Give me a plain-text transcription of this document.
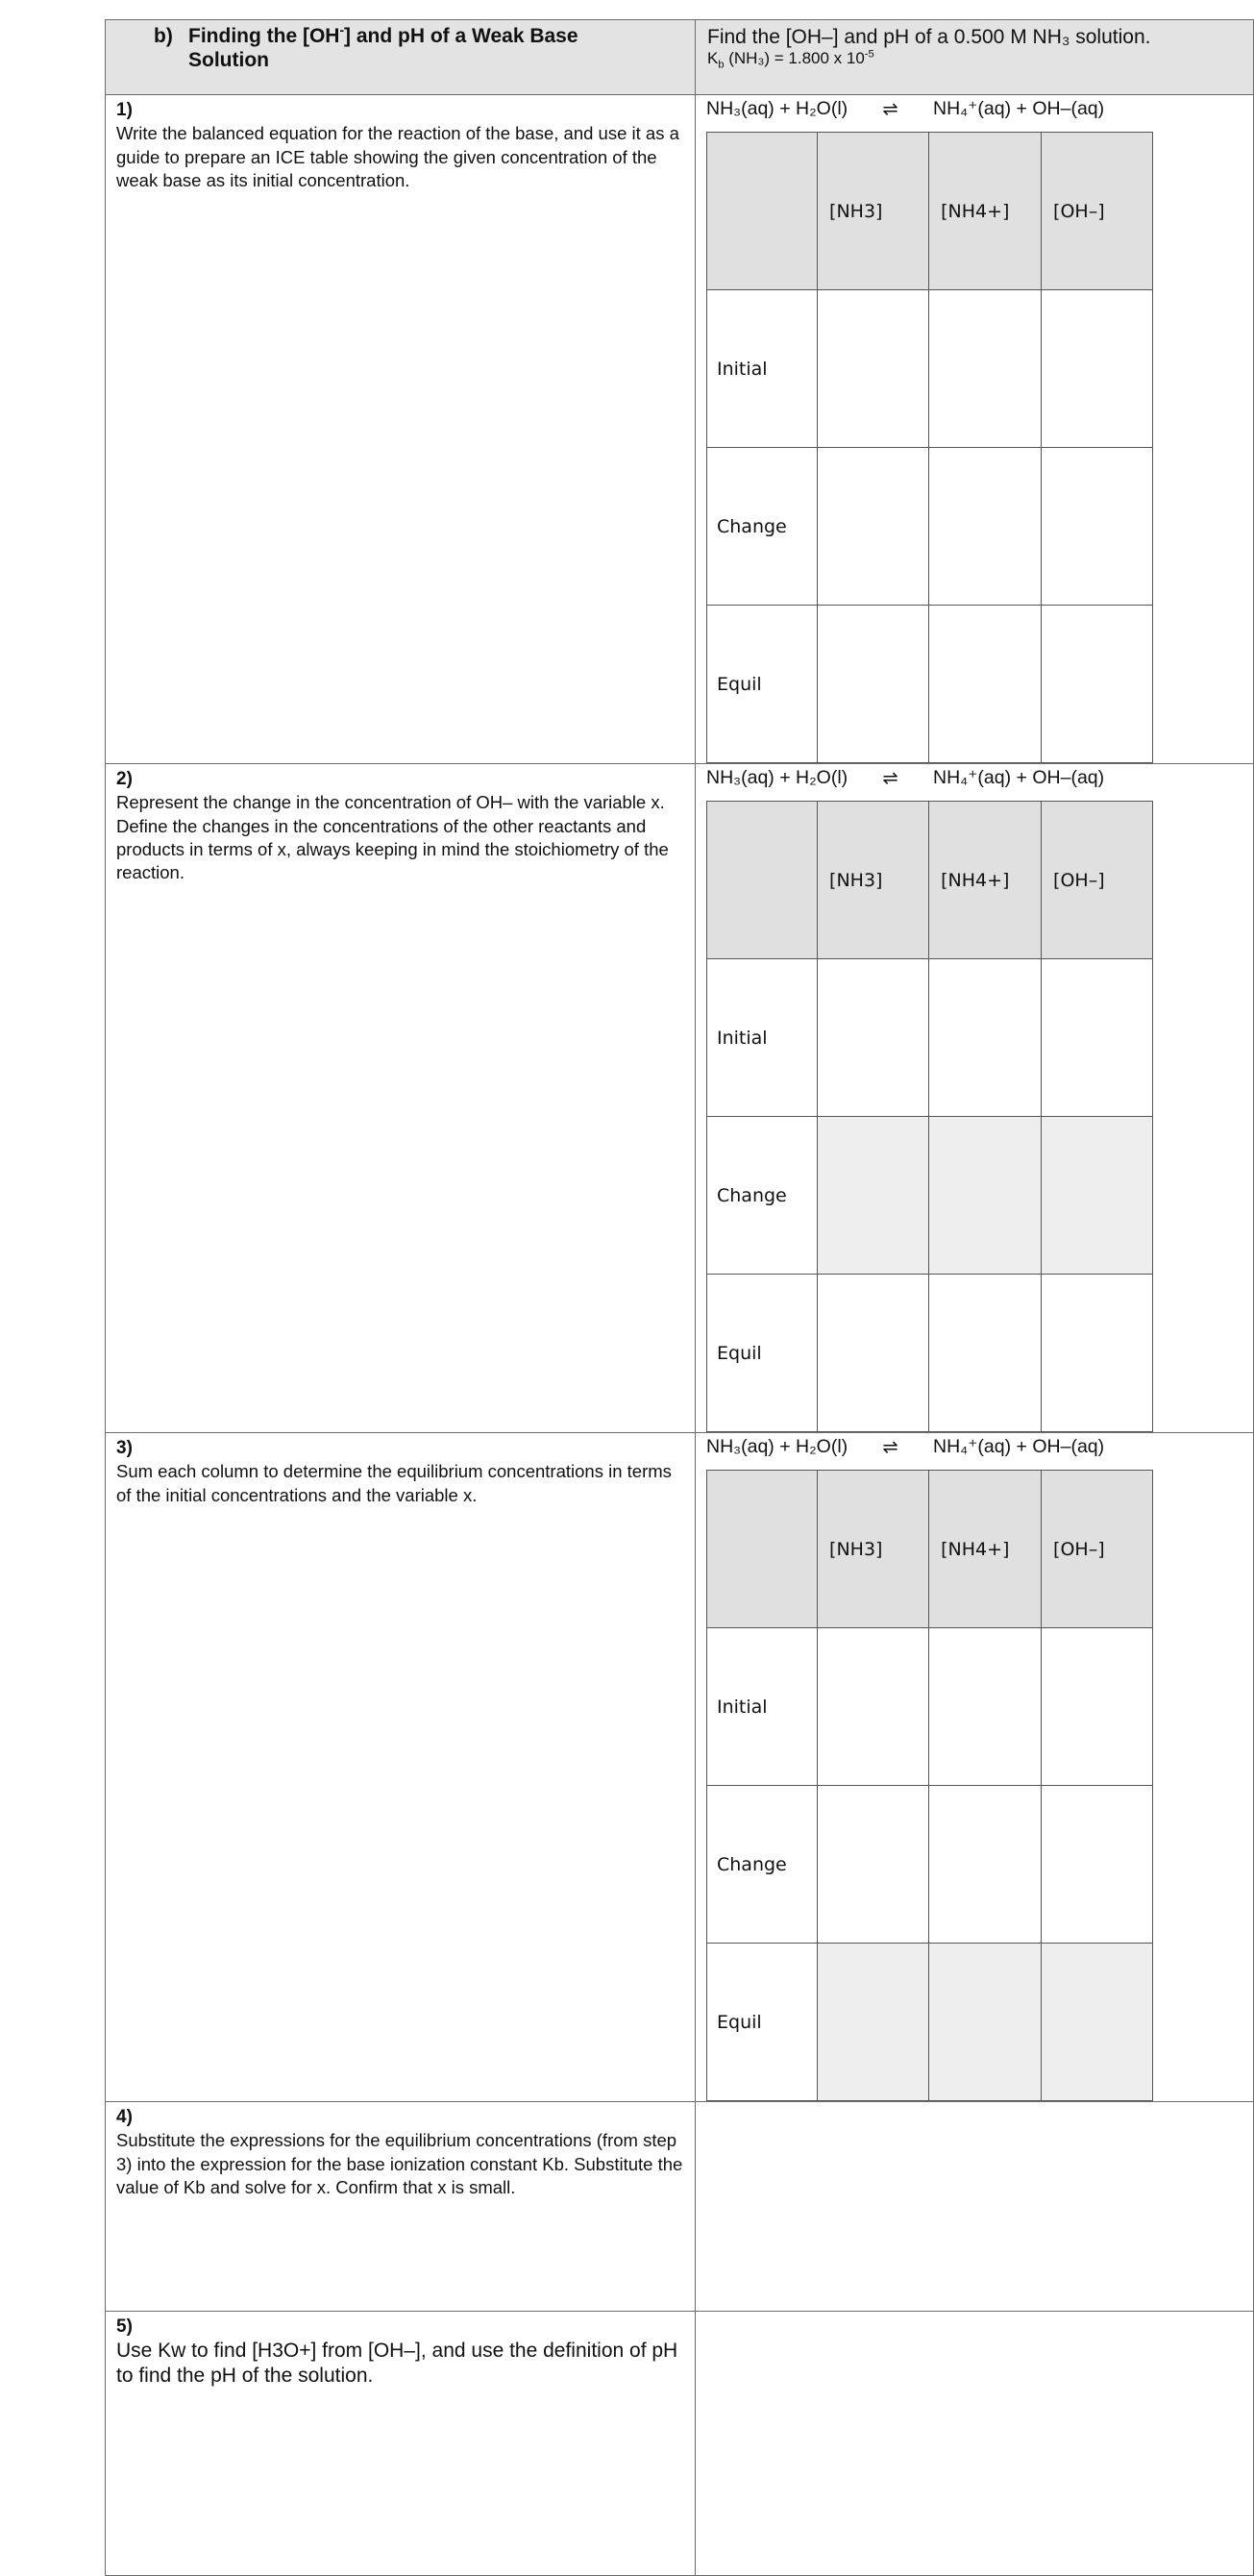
b) Finding the [OH-] and pH of a Weak Base
Solution

Find the [OH–] and pH of a 0.500 M NH₃ solution.
$K_b$ (NH₃) = 1.800 x $10^{-5}$

1)
Write the balanced equation for the reaction of the base, and use it as a guide to prepare an ICE table showing the given concentration of the weak base as its initial concentration.

NH₃(aq) + H₂O(l) ⇌ NH₄⁺(aq) + OH–(aq)
	[NH3]	[NH4+]	[OH–]
Initial			
Change			
Equil			

2)
Represent the change in the concentration of OH– with the variable x. Define the changes in the concentrations of the other reactants and products in terms of x, always keeping in mind the stoichiometry of the reaction.

NH₃(aq) + H₂O(l) ⇌ NH₄⁺(aq) + OH–(aq)
	[NH3]	[NH4+]	[OH–]
Initial			
Change			
Equil			

3)
Sum each column to determine the equilibrium concentrations in terms of the initial concentrations and the variable x.

NH₃(aq) + H₂O(l) ⇌ NH₄⁺(aq) + OH–(aq)
	[NH3]	[NH4+]	[OH–]
Initial			
Change			
Equil			

4)
Substitute the expressions for the equilibrium concentrations (from step 3) into the expression for the base ionization constant Kb. Substitute the value of Kb and solve for x. Confirm that x is small.

5)
Use Kw to find [H3O+] from [OH–], and use the definition of pH to find the pH of the solution.
